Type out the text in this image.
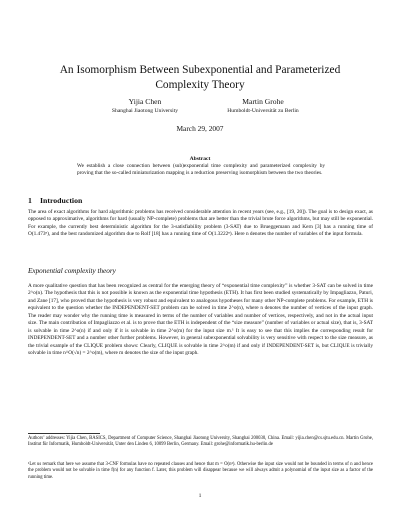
An Isomorphism Between Subexponential and Parameterized
Complexity Theory
Yijia Chen
Shanghai Jiaotong University
Martin Grohe
Humboldt-Universität zu Berlin
March 29, 2007
Abstract
We establish a close connection between (sub)exponential time complexity and parameterized complexity by proving that the so-called miniaturization mapping is a reduction preserving isomorphism between the two theories.
1 Introduction
The area of exact algorithms for hard algorithmic problems has received considerable attention in recent years (see, e.g., [19, 20]). The goal is to design exact, as opposed to approximative, algorithms for hard (usually NP-complete) problems that are better than the trivial brute force algorithms, but may still be exponential. For example, the currently best deterministic algorithm for the 3-satisfiability problem (3-SAT) due to Brueggemann and Kern [3] has a running time of O(1.473ⁿ), and the best randomized algorithm due to Rolf [18] has a running time of O(1.3222ⁿ). Here n denotes the number of variables of the input formula.
Exponential complexity theory
A more qualitative question that has been recognized as central for the emerging theory of “exponential time complexity” is whether 3-SAT can be solved in time 2^o(n). The hypothesis that this is not possible is known as the exponential time hypothesis (ETH). It has first been studied systematically by Impagliazzo, Paturi, and Zane [17], who proved that the hypothesis is very robust and equivalent to analogous hypotheses for many other NP-complete problems. For example, ETH is equivalent to the question whether the INDEPENDENT-SET problem can be solved in time 2^o(n), where n denotes the number of vertices of the input graph. The reader may wonder why the running time is measured in terms of the number of variables and number of vertices, respectively, and not in the actual input size. The main contribution of Impagliazzo et al. is to prove that the ETH is independent of the “size measure” (number of variables or actual size), that is, 3-SAT is solvable in time 2^o(n) if and only if it is solvable in time 2^o(m) for the input size m.¹ It is easy to see that this implies the corresponding result for INDEPENDENT-SET and a number other further problems. However, in general subexponential solvability is very sensitive with respect to the size measure, as the trivial example of the CLIQUE problem shows: Clearly, CLIQUE is solvable in time 2^o(m) if and only if INDEPENDENT-SET is, but CLIQUE is trivially solvable in time n^O(√n) = 2^o(m), where m denotes the size of the input graph.
Authors’ addresses: Yijia Chen, BASICS, Department of Computer Science, Shanghai Jiaotong University, Shanghai 200030, China. Email: yijia.chen@cs.sjtu.edu.cn. Martin Grohe, Institut für Informatik, Humboldt-Universität, Unter den Linden 6, 10099 Berlin, Germany. Email: grohe@informatik.hu-berlin.de
¹Let us remark that here we assume that 3-CNF formulas have no repeated clauses and hence that m = O(n³). Otherwise the input size would not be bounded in terms of n and hence the problem would not be solvable in time f(n) for any function f. Later, this problem will disappear because we will always admit a polynomial of the input size as a factor of the running time.
1
